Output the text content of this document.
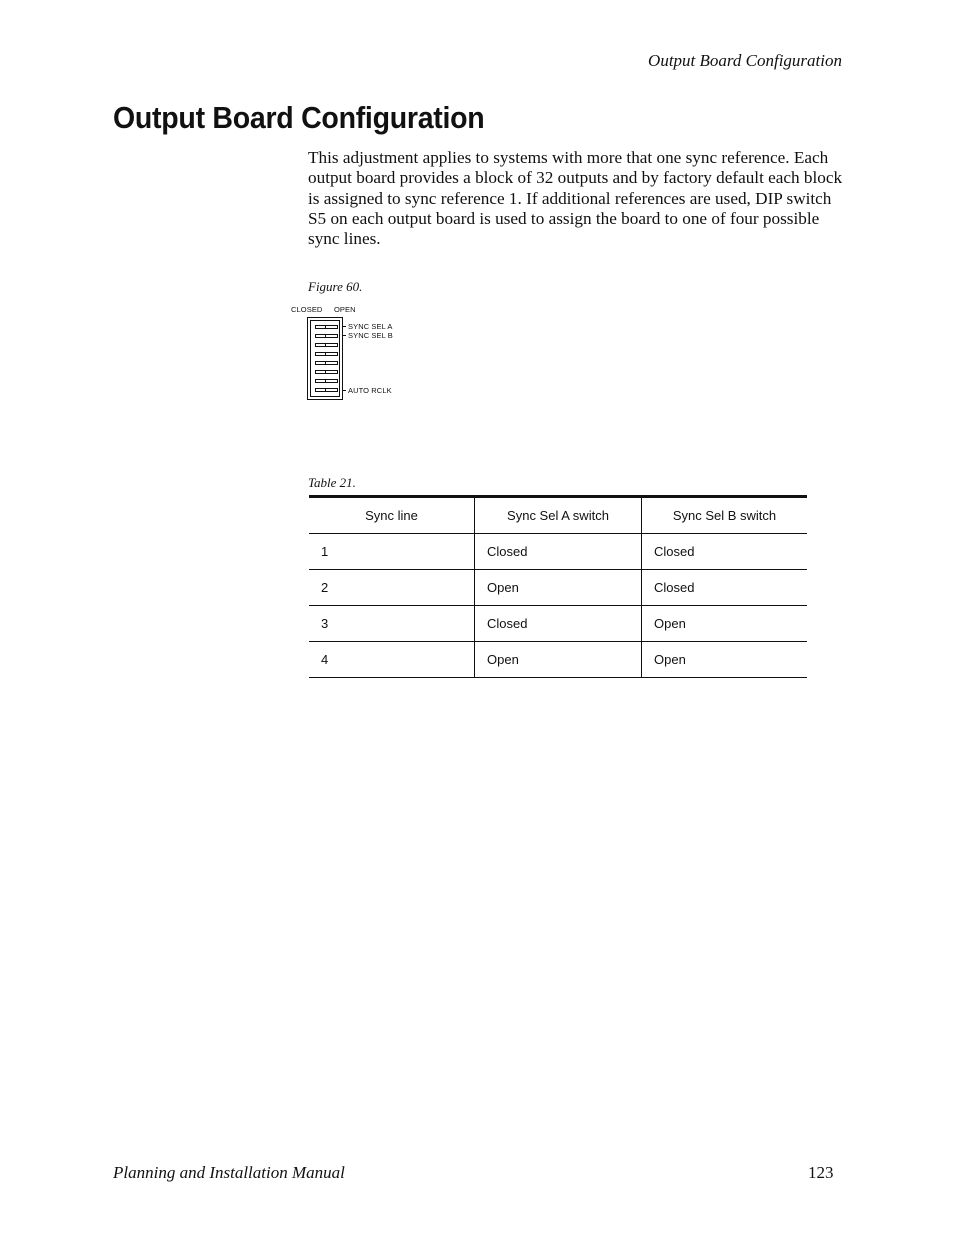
Output Board Configuration
Output Board Configuration

This adjustment applies to systems with more that one sync reference. Each output board provides a block of 32 outputs and by factory default each block is assigned to sync reference 1. If additional references are used, DIP switch S5 on each output board is used to assign the board to one of four possible sync lines.

Figure 60.
CLOSED OPEN
SYNC SEL A
SYNC SEL B
AUTO RCLK
Table 21.
Sync line	Sync Sel A switch	Sync Sel B switch
1	Closed	Closed
2	Open	Closed
3	Closed	Open
4	Open	Open
Planning and Installation Manual	123
